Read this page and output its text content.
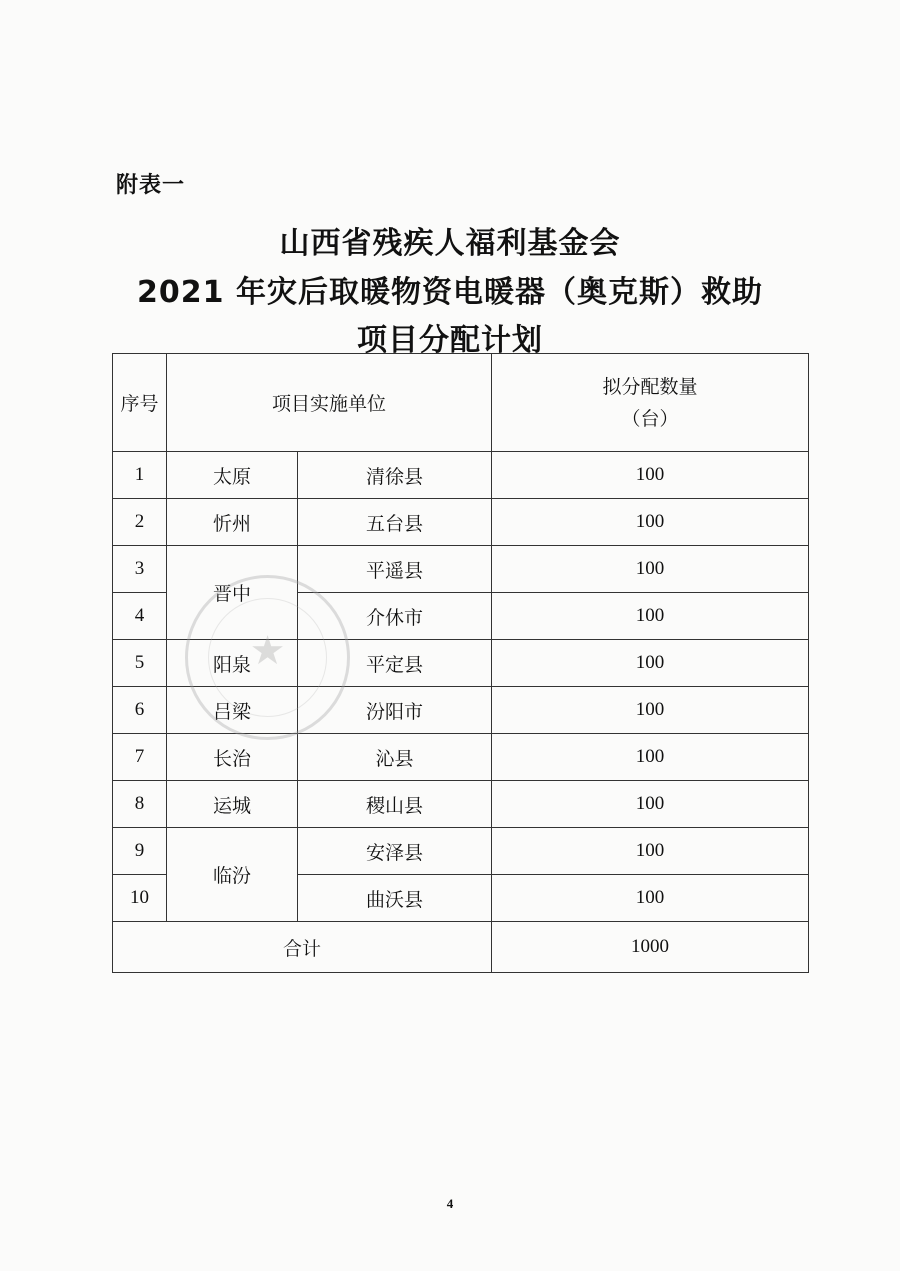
附表一
山西省残疾人福利基金会
2021 年灾后取暖物资电暖器（奥克斯）救助
项目分配计划
序号	项目实施单位		拟分配数量
（台）

1	太原	清徐县	100
2	忻州	五台县	100
3	晋中	平遥县	100
4		介休市	100
5	阳泉	平定县	100
6	吕梁	汾阳市	100
7	长治	沁县	100
8	运城	稷山县	100
9	临汾	安泽县	100
10		曲沃县	100
合计			1000
★
4
